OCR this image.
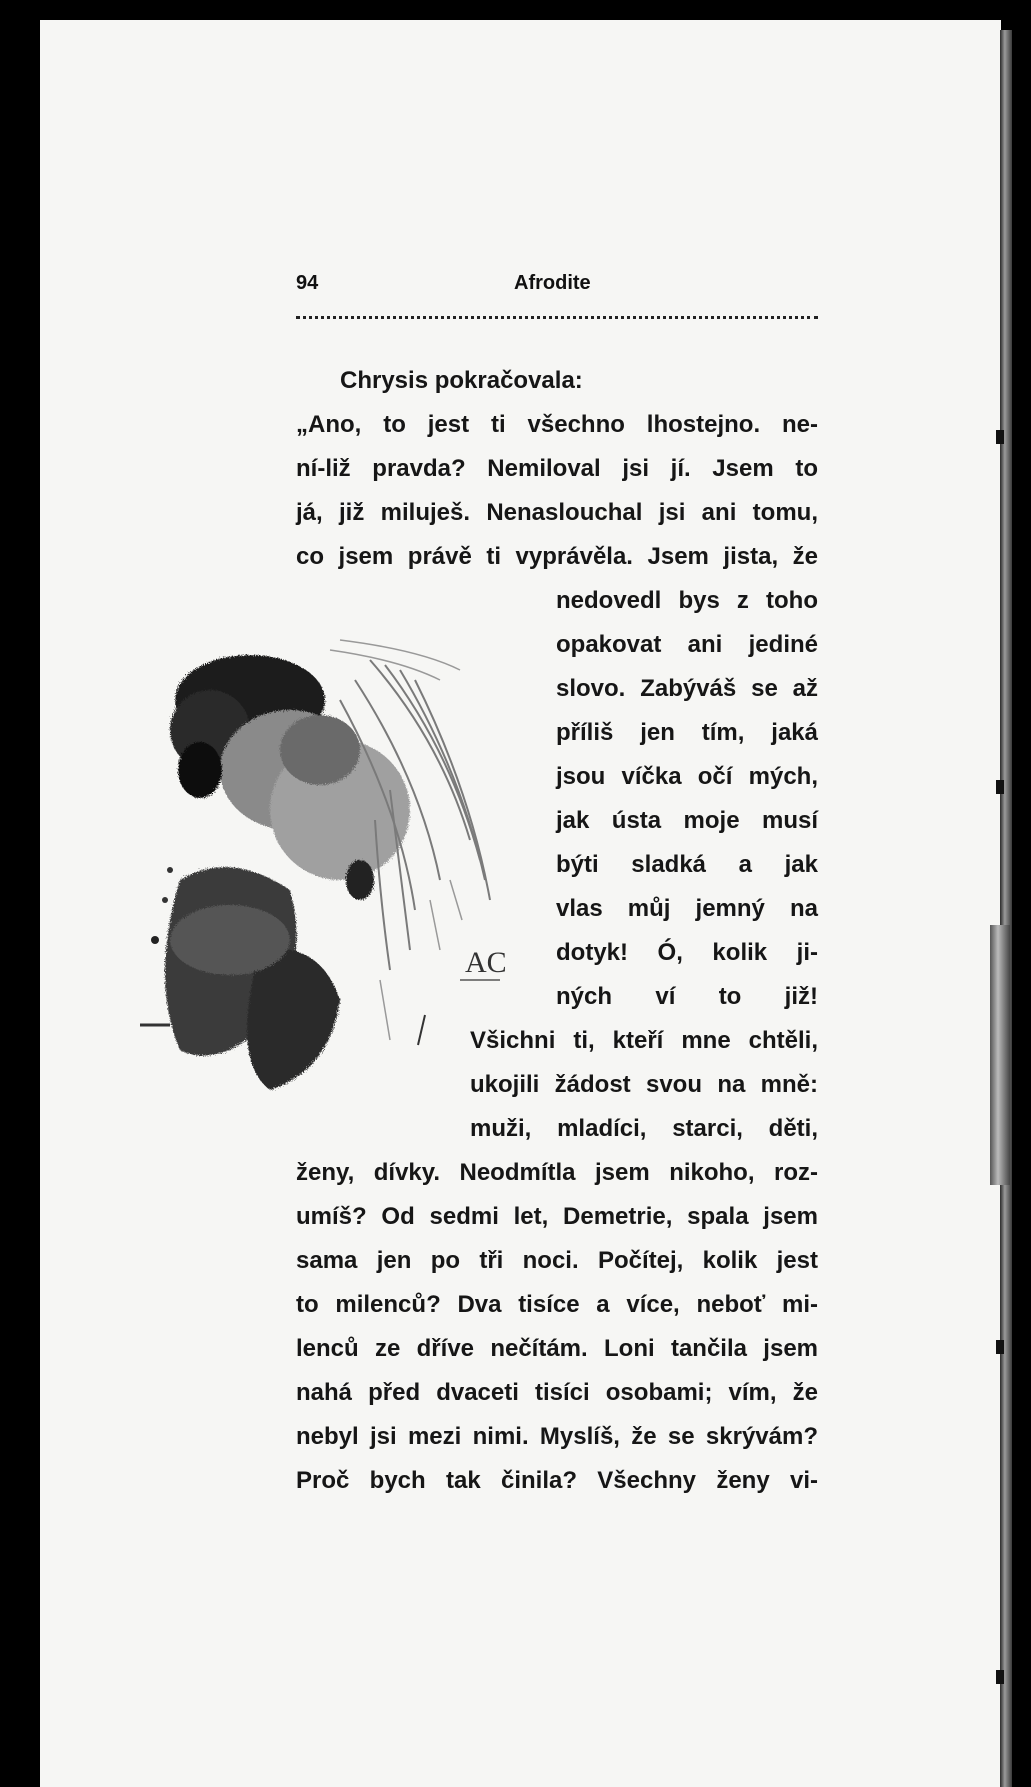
94	Afrodite
AC
Chrysis pokračovala:
„Ano, to jest ti všechno lhostejno. ne-
ní-liž pravda? Nemiloval jsi jí. Jsem to
já, již miluješ. Nenaslouchal jsi ani tomu,
co jsem právě ti vyprávěla. Jsem jista, že
nedovedl bys z toho
opakovat ani jediné
slovo. Zabýváš se až
příliš jen tím, jaká
jsou víčka očí mých,
jak ústa moje musí
býti sladká a jak
vlas můj jemný na
dotyk! Ó, kolik ji-
ných ví to již!
Všichni ti, kteří mne chtěli,
ukojili žádost svou na mně:
muži, mladíci, starci, děti,
ženy, dívky. Neodmítla jsem nikoho, roz-
umíš? Od sedmi let, Demetrie, spala jsem
sama jen po tři noci. Počítej, kolik jest
to milenců? Dva tisíce a více, neboť mi-
lenců ze dříve nečítám. Loni tančila jsem
nahá před dvaceti tisíci osobami; vím, že
nebyl jsi mezi nimi. Myslíš, že se skrývám?
Proč bych tak činila? Všechny ženy vi-
